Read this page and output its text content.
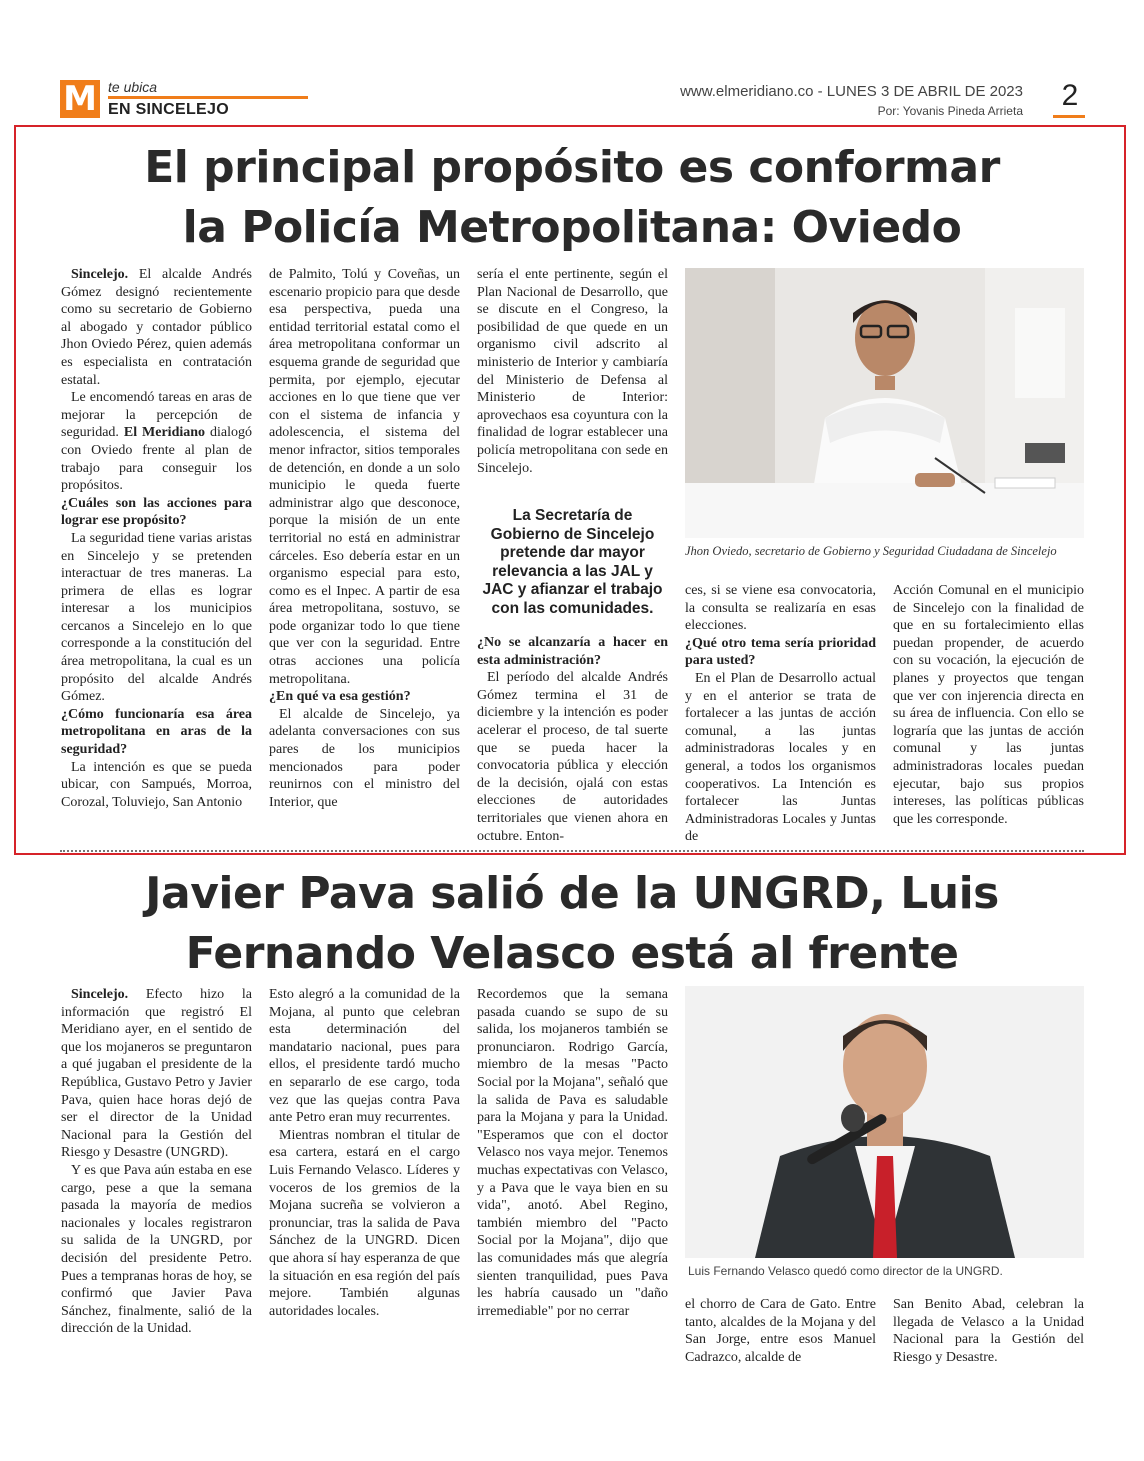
M te ubica
EN SINCELEJO
www.elmeridiano.co - LUNES 3 DE ABRIL DE 2023
Por: Yovanis Pineda Arrieta 2
El principal propósito es conformar
la Policía Metropolitana: Oviedo

Sincelejo. El alcalde Andrés Gómez designó recientemente como su secretario de Gobierno al abogado y contador público Jhon Oviedo Pérez, quien además es especialista en contratación estatal.

Le encomendó tareas en aras de mejorar la percepción de seguridad. El Meridiano dialogó con Oviedo frente al plan de trabajo para conseguir los propósitos.

¿Cuáles son las acciones para lograr ese propósito?

La seguridad tiene varias aristas en Sincelejo y se pretenden interactuar de tres maneras. La primera de ellas es lograr interesar a los municipios cercanos a Sincelejo en lo que corresponde a la constitución del área metropolitana, la cual es un propósito del alcalde Andrés Gómez.

¿Cómo funcionaría esa área metropolitana en aras de la seguridad?

La intención es que se pueda ubicar, con Sampués, Morroa, Corozal, Toluviejo, San Antonio

de Palmito, Tolú y Coveñas, un escenario propicio para que desde esa perspectiva, pueda una entidad territorial estatal como el área metropolitana conformar un esquema grande de seguridad que permita, por ejemplo, ejecutar acciones en lo que tiene que ver con el sistema de infancia y adolescencia, el sistema del menor infractor, sitios temporales de detención, en donde a un solo municipio le queda fuerte administrar algo que desconoce, porque la misión de un ente territorial no está en administrar cárceles. Eso debería estar en un organismo especial para esto, como es el Inpec. A partir de esa área metropolitana, sostuvo, se pode organizar todo lo que tiene que ver con la seguridad. Entre otras acciones una policía metropolitana.

¿En qué va esa gestión?

El alcalde de Sincelejo, ya adelanta conversaciones con sus pares de los municipios mencionados para poder reunirnos con el ministro del Interior, que

sería el ente pertinente, según el Plan Nacional de Desarrollo, que se discute en el Congreso, la posibilidad de que quede en un organismo civil adscrito al ministerio de Interior y cambiaría del Ministerio de Defensa al Ministerio de Interior: aprovechaos esa coyuntura con la finalidad de lograr establecer una policía metropolitana con sede en Sincelejo.

La Secretaría de Gobierno de Sincelejo pretende dar mayor relevancia a las JAL y JAC y afianzar el trabajo con las comunidades.

¿No se alcanzaría a hacer en esta administración?

El período del alcalde Andrés Gómez termina el 31 de diciembre y la intención es poder acelerar el proceso, de tal suerte que se pueda hacer la convocatoria pública y elección de la decisión, ojalá con estas elecciones de autoridades territoriales que vienen ahora en octubre. Enton-

Jhon Oviedo, secretario de Gobierno y Seguridad Ciudadana de Sincelejo

ces, si se viene esa convocatoria, la consulta se realizaría en esas elecciones.

¿Qué otro tema sería prioridad para usted?

En el Plan de Desarrollo actual y en el anterior se trata de fortalecer a las juntas de acción comunal, a las juntas administradoras locales y en general, a todos los organismos cooperativos. La Intención es fortalecer las Juntas Administradoras Locales y Juntas de

Acción Comunal en el municipio de Sincelejo con la finalidad de que en su fortalecimiento ellas puedan propender, de acuerdo con su vocación, la ejecución de planes y proyectos que tengan que ver con injerencia directa en su área de influencia. Con ello se lograría que las juntas de acción comunal y las juntas administradoras locales puedan ejecutar, bajo sus propios intereses, las políticas públicas que les corresponde.

Javier Pava salió de la UNGRD, Luis
Fernando Velasco está al frente

Sincelejo. Efecto hizo la información que registró El Meridiano ayer, en el sentido de que los mojaneros se preguntaron a qué jugaban el presidente de la República, Gustavo Petro y Javier Pava, quien hace horas dejó de ser el director de la Unidad Nacional para la Gestión del Riesgo y Desastre (UNGRD).

Y es que Pava aún estaba en ese cargo, pese a que la semana pasada la mayoría de medios nacionales y locales registraron su salida de la UNGRD, por decisión del presidente Petro. Pues a tempranas horas de hoy, se confirmó que Javier Pava Sánchez, finalmente, salió de la dirección de la Unidad.

Esto alegró a la comunidad de la Mojana, al punto que celebran esta determinación del mandatario nacional, pues para ellos, el presidente tardó mucho en separarlo de ese cargo, toda vez que las quejas contra Pava ante Petro eran muy recurrentes.

Mientras nombran el titular de esa cartera, estará en el cargo Luis Fernando Velasco. Líderes y voceros de los gremios de la Mojana sucreña se volvieron a pronunciar, tras la salida de Pava Sánchez de la UNGRD. Dicen que ahora sí hay esperanza de que la situación en esa región del país mejore. También algunas autoridades locales.

Recordemos que la semana pasada cuando se supo de su salida, los mojaneros también se pronunciaron. Rodrigo García, miembro de la mesas "Pacto Social por la Mojana", señaló que la salida de Pava es saludable para la Mojana y para la Unidad. "Esperamos que con el doctor Velasco nos vaya mejor. Tenemos muchas expectativas con Velasco, y a Pava que le vaya bien en su vida", anotó. Abel Regino, también miembro del "Pacto Social por la Mojana", dijo que las comunidades más que alegría sienten tranquilidad, pues Pava les habría causado un "daño irremediable" por no cerrar

Luis Fernando Velasco quedó como director de la UNGRD.

el chorro de Cara de Gato. Entre tanto, alcaldes de la Mojana y del San Jorge, entre esos Manuel Cadrazco, alcalde de

San Benito Abad, celebran la llegada de Velasco a la Unidad Nacional para la Gestión del Riesgo y Desastre.
